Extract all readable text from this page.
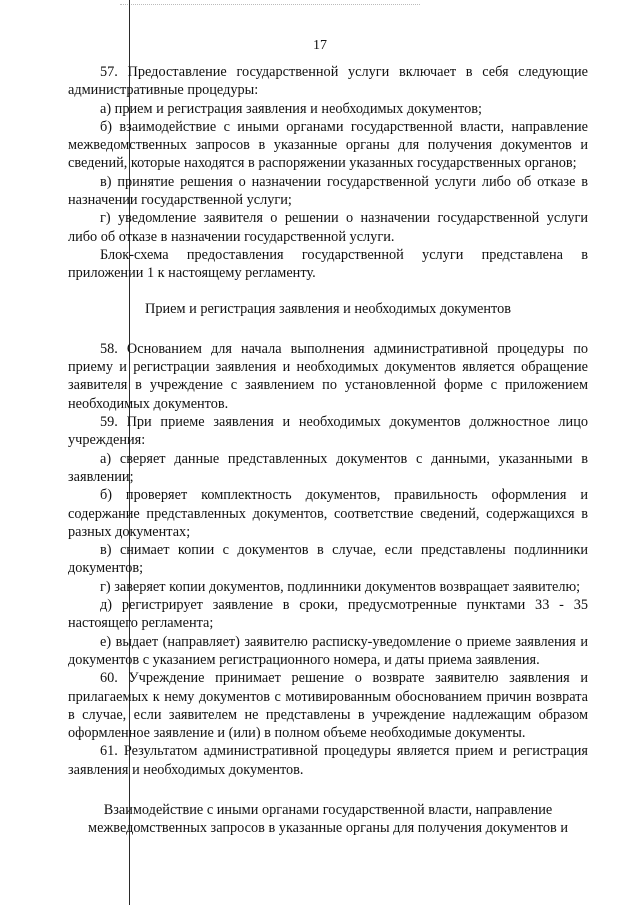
17

57. Предоставление государственной услуги включает в себя следующие административные процедуры:

а) прием и регистрация заявления и необходимых документов;

б) взаимодействие с иными органами государственной власти, направление межведомственных запросов в указанные органы для получения документов и сведений, которые находятся в распоряжении указанных государственных органов;

в) принятие решения о назначении государственной услуги либо об отказе в назначении государственной услуги;

г) уведомление заявителя о решении о назначении государственной услуги либо об отказе в назначении государственной услуги.

Блок-схема предоставления государственной услуги представлена в приложении 1 к настоящему регламенту.

Прием и регистрация заявления и необходимых документов

58. Основанием для начала выполнения административной процедуры по приему и регистрации заявления и необходимых документов является обращение заявителя в учреждение с заявлением по установленной форме с приложением необходимых документов.

59. При приеме заявления и необходимых документов должностное лицо учреждения:

а) сверяет данные представленных документов с данными, указанными в заявлении;

б) проверяет комплектность документов, правильность оформления и содержание представленных документов, соответствие сведений, содержащихся в разных документах;

в) снимает копии с документов в случае, если представлены подлинники документов;

г) заверяет копии документов, подлинники документов возвращает заявителю;

д) регистрирует заявление в сроки, предусмотренные пунктами 33 - 35 настоящего регламента;

е) выдает (направляет) заявителю расписку-уведомление о приеме заявления и документов с указанием регистрационного номера, и даты приема заявления.

60. Учреждение принимает решение о возврате заявителю заявления и прилагаемых к нему документов с мотивированным обоснованием причин возврата в случае, если заявителем не представлены в учреждение надлежащим образом оформленное заявление и (или) в полном объеме необходимые документы.

61. Результатом административной процедуры является прием и регистрация заявления и необходимых документов.

Взаимодействие с иными органами государственной власти, направление межведомственных запросов в указанные органы для получения документов и
